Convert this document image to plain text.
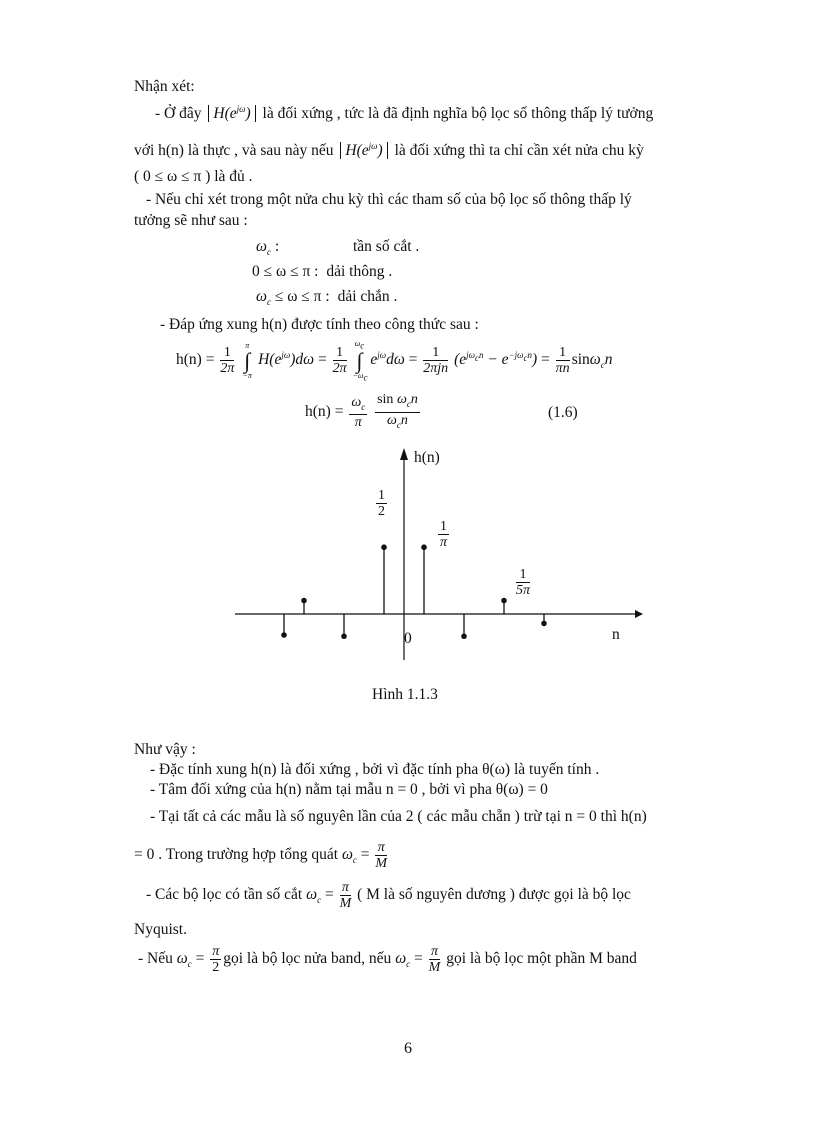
Nhận xét:
- Ở đây $H(e^{j\omega})$ là đối xứng , tức là đã định nghĩa bộ lọc số thông thấp lý tưởng
với h(n) là thực , và sau này nếu $H(e^{j\omega})$ là đối xứng thì ta chỉ cần xét nửa chu kỳ
( 0 ≤ ω ≤ π ) là đủ .
- Nếu chỉ xét trong một nửa chu kỳ thì các tham số của bộ lọc số thông thấp lý
tưởng sẽ như sau :
$\omega_c$ :	tần số cắt .
0 ≤ ω ≤ π : dải thông .
$\omega_c \le \omega \le \pi$ : dải chắn .
- Đáp ứng xung h(n) được tính theo công thức sau :
$h(n) = \frac{1}{2\pi}$
	π
∫
−π
$H(e^{j\omega})d\omega = \frac{1}{2\pi}$

$\omega_c$
∫
$-\omega_c$
$e^{j\omega}d\omega = \frac{1}{\text{2πjn}} (e^{j\omega_cn} - e^{-j\omega_cn}) = \frac{1}{\pi n} \sin\omega_cn$
$h(n) = \frac{\omega_c}{\pi}$
$\frac{\sin \omega_cn}{\omega_cn}$	(1.6)
h(n)
n
0
$\frac{1}{2}$
$\frac{1}{\pi}$
$\frac{1}{5\pi}$
Hình 1.1.3
Như vậy :
- Đặc tính xung h(n) là đối xứng , bởi vì đặc tính pha θ(ω) là tuyến tính .
- Tâm đối xứng của h(n) nằm tại mẫu n = 0 , bởi vì pha θ(ω) = 0
- Tại tất cả các mẫu là số nguyên lần của 2 ( các mẫu chẵn ) trừ tại n = 0 thì h(n)
= 0 . Trong trường hợp tổng quát $\omega_c = \frac{\pi}{M}$
- Các bộ lọc có tần số cắt $\omega_c = \frac{\pi}{M}$ ( M là số nguyên dương ) được gọi là bộ lọc
Nyquist.
- Nếu $\omega_c = \frac{\pi}{2}$ gọi là bộ lọc nửa band, nếu $\omega_c = \frac{\pi}{M}$ gọi là bộ lọc một phần M band
6
